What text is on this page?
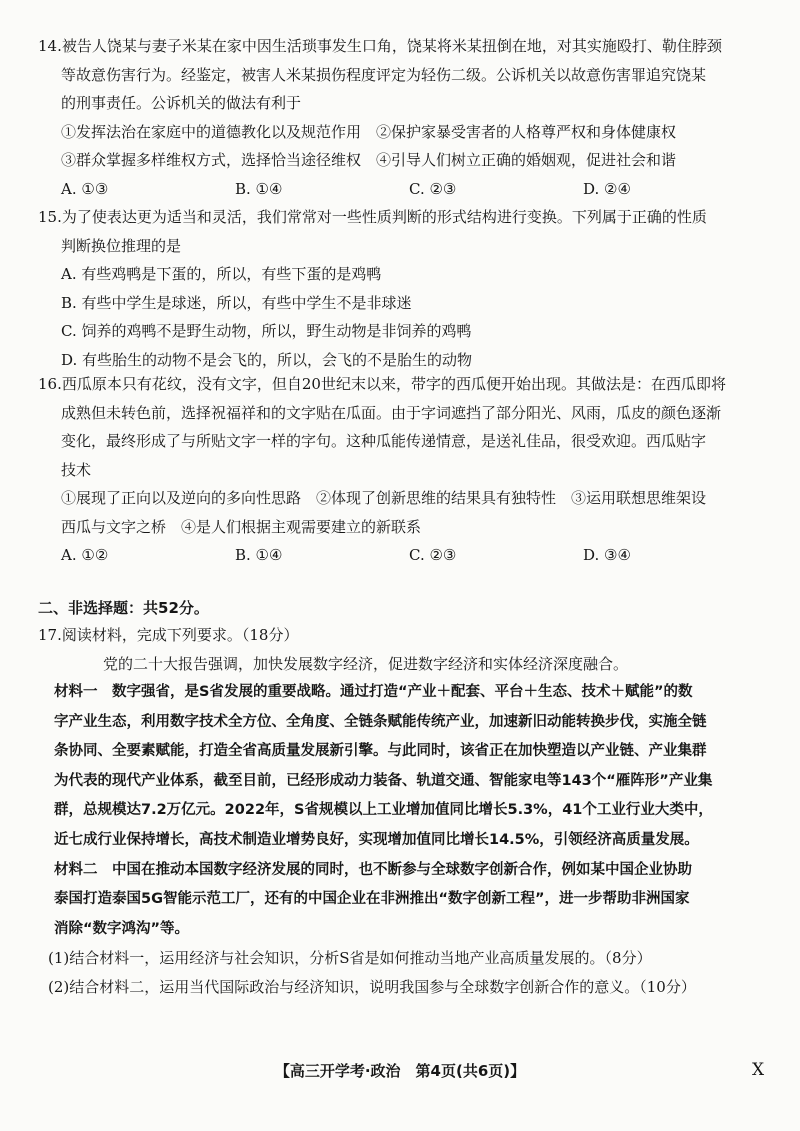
14.被告人饶某与妻子米某在家中因生活琐事发生口角，饶某将米某扭倒在地，对其实施殴打、勒住脖颈
等故意伤害行为。经鉴定，被害人米某损伤程度评定为轻伤二级。公诉机关以故意伤害罪追究饶某
的刑事责任。公诉机关的做法有利于
①发挥法治在家庭中的道德教化以及规范作用　②保护家暴受害者的人格尊严权和身体健康权
③群众掌握多样维权方式，选择恰当途径维权　④引导人们树立正确的婚姻观，促进社会和谐
A. ①③	B. ①④	C. ②③	D. ②④
15.为了使表达更为适当和灵活，我们常常对一些性质判断的形式结构进行变换。下列属于正确的性质
判断换位推理的是
A. 有些鸡鸭是下蛋的，所以，有些下蛋的是鸡鸭
B. 有些中学生是球迷，所以，有些中学生不是非球迷
C. 饲养的鸡鸭不是野生动物，所以，野生动物是非饲养的鸡鸭
D. 有些胎生的动物不是会飞的，所以，会飞的不是胎生的动物
16.西瓜原本只有花纹，没有文字，但自20世纪末以来，带字的西瓜便开始出现。其做法是：在西瓜即将
成熟但未转色前，选择祝福祥和的文字贴在瓜面。由于字词遮挡了部分阳光、风雨，瓜皮的颜色逐渐
变化，最终形成了与所贴文字一样的字句。这种瓜能传递情意，是送礼佳品，很受欢迎。西瓜贴字
技术
①展现了正向以及逆向的多向性思路　②体现了创新思维的结果具有独特性　③运用联想思维架设
西瓜与文字之桥　④是人们根据主观需要建立的新联系
A. ①②	B. ①④	C. ②③	D. ③④
二、非选择题：共52分。
17.阅读材料，完成下列要求。（18分）
党的二十大报告强调，加快发展数字经济，促进数字经济和实体经济深度融合。
材料一　数字强省，是S省发展的重要战略。通过打造“产业＋配套、平台＋生态、技术＋赋能”的数
字产业生态，利用数字技术全方位、全角度、全链条赋能传统产业，加速新旧动能转换步伐，实施全链
条协同、全要素赋能，打造全省高质量发展新引擎。与此同时，该省正在加快塑造以产业链、产业集群
为代表的现代产业体系，截至目前，已经形成动力装备、轨道交通、智能家电等143个“雁阵形”产业集
群，总规模达7.2万亿元。2022年，S省规模以上工业增加值同比增长5.3%，41个工业行业大类中，
近七成行业保持增长，高技术制造业增势良好，实现增加值同比增长14.5%，引领经济高质量发展。
材料二　中国在推动本国数字经济发展的同时，也不断参与全球数字创新合作，例如某中国企业协助
泰国打造泰国5G智能示范工厂，还有的中国企业在非洲推出“数字创新工程”，进一步帮助非洲国家
消除“数字鸿沟”等。
(1)结合材料一，运用经济与社会知识，分析S省是如何推动当地产业高质量发展的。（8分）
(2)结合材料二，运用当代国际政治与经济知识，说明我国参与全球数字创新合作的意义。（10分）
【高三开学考·政治　第4页(共6页)】	X
